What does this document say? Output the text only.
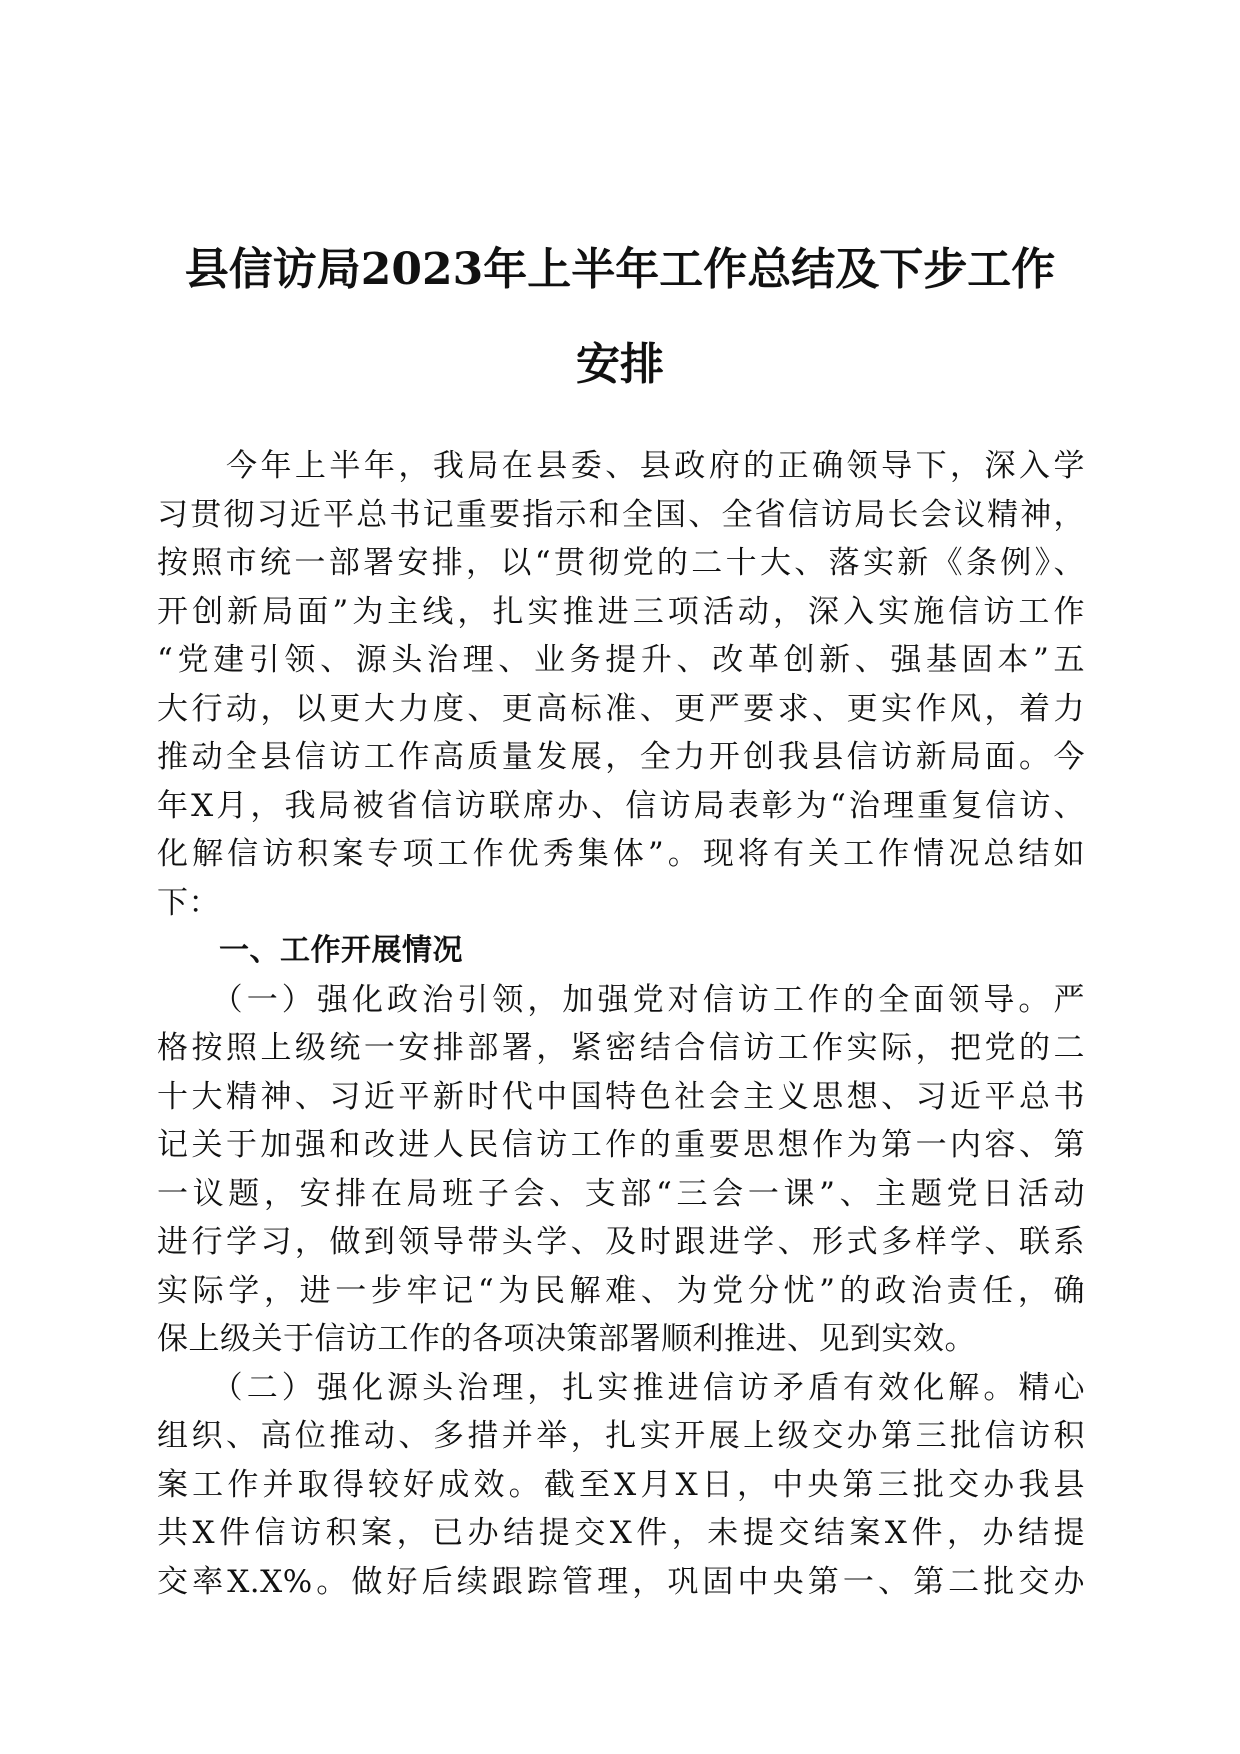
县信访局2023年上半年工作总结及下步工作
安排
　　今年上半年，我局在县委、县政府的正确领导下，深入学
习贯彻习近平总书记重要指示和全国、全省信访局长会议精神，
按照市统一部署安排，以“贯彻党的二十大、落实新《条例》、
开创新局面”为主线，扎实推进三项活动，深入实施信访工作
“党建引领、源头治理、业务提升、改革创新、强基固本”五
大行动，以更大力度、更高标准、更严要求、更实作风，着力
推动全县信访工作高质量发展，全力开创我县信访新局面。今
年X月，我局被省信访联席办、信访局表彰为“治理重复信访、
化解信访积案专项工作优秀集体”。现将有关工作情况总结如
下：
一、工作开展情况
　　（一）强化政治引领，加强党对信访工作的全面领导。严
格按照上级统一安排部署，紧密结合信访工作实际，把党的二
十大精神、习近平新时代中国特色社会主义思想、习近平总书
记关于加强和改进人民信访工作的重要思想作为第一内容、第
一议题，安排在局班子会、支部“三会一课”、主题党日活动
进行学习，做到领导带头学、及时跟进学、形式多样学、联系
实际学，进一步牢记“为民解难、为党分忧”的政治责任，确
保上级关于信访工作的各项决策部署顺利推进、见到实效。
　　（二）强化源头治理，扎实推进信访矛盾有效化解。精心
组织、高位推动、多措并举，扎实开展上级交办第三批信访积
案工作并取得较好成效。截至X月X日，中央第三批交办我县
共X件信访积案，已办结提交X件，未提交结案X件，办结提
交率X.X%。做好后续跟踪管理，巩固中央第一、第二批交办
